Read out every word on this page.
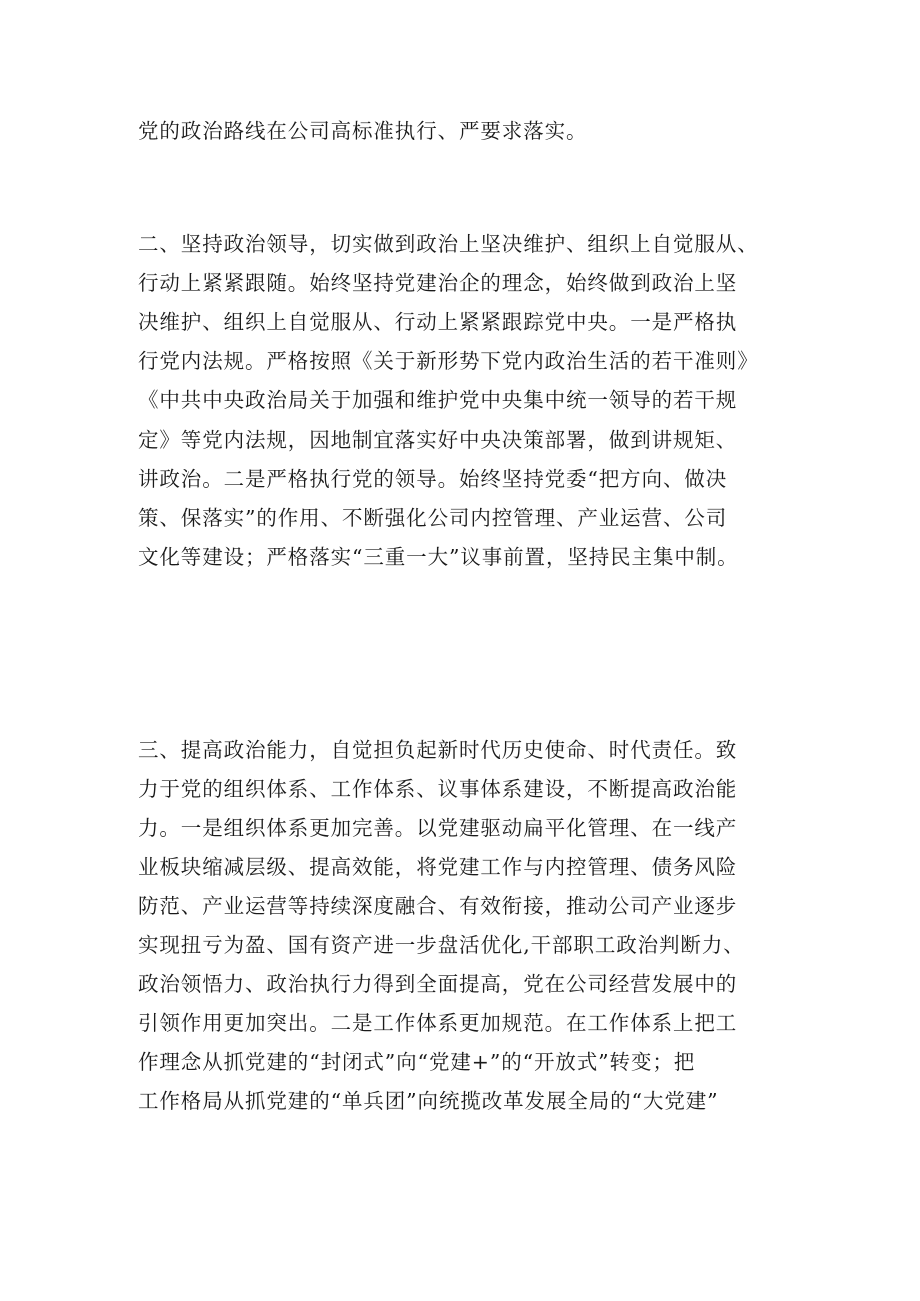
党的政治路线在公司高标准执行、严要求落实。
二、坚持政治领导，切实做到政治上坚决维护、组织上自觉服从、
行动上紧紧跟随。始终坚持党建治企的理念，始终做到政治上坚
决维护、组织上自觉服从、行动上紧紧跟踪党中央。一是严格执
行党内法规。严格按照《关于新形势下党内政治生活的若干准则》
《中共中央政治局关于加强和维护党中央集中统一领导的若干规
定》等党内法规，因地制宜落实好中央决策部署，做到讲规矩、
讲政治。二是严格执行党的领导。始终坚持党委“把方向、做决
策、保落实”的作用、不断强化公司内控管理、产业运营、公司
文化等建设；严格落实“三重一大”议事前置，坚持民主集中制。
三、提高政治能力，自觉担负起新时代历史使命、时代责任。致
力于党的组织体系、工作体系、议事体系建设，不断提高政治能
力。一是组织体系更加完善。以党建驱动扁平化管理、在一线产
业板块缩减层级、提高效能，将党建工作与内控管理、债务风险
防范、产业运营等持续深度融合、有效衔接，推动公司产业逐步
实现扭亏为盈、国有资产进一步盘活优化,干部职工政治判断力、
政治领悟力、政治执行力得到全面提高，党在公司经营发展中的
引领作用更加突出。二是工作体系更加规范。在工作体系上把工
作理念从抓党建的“封闭式”向“党建+”的“开放式”转变；把
工作格局从抓党建的“单兵团”向统揽改革发展全局的“大党建”
